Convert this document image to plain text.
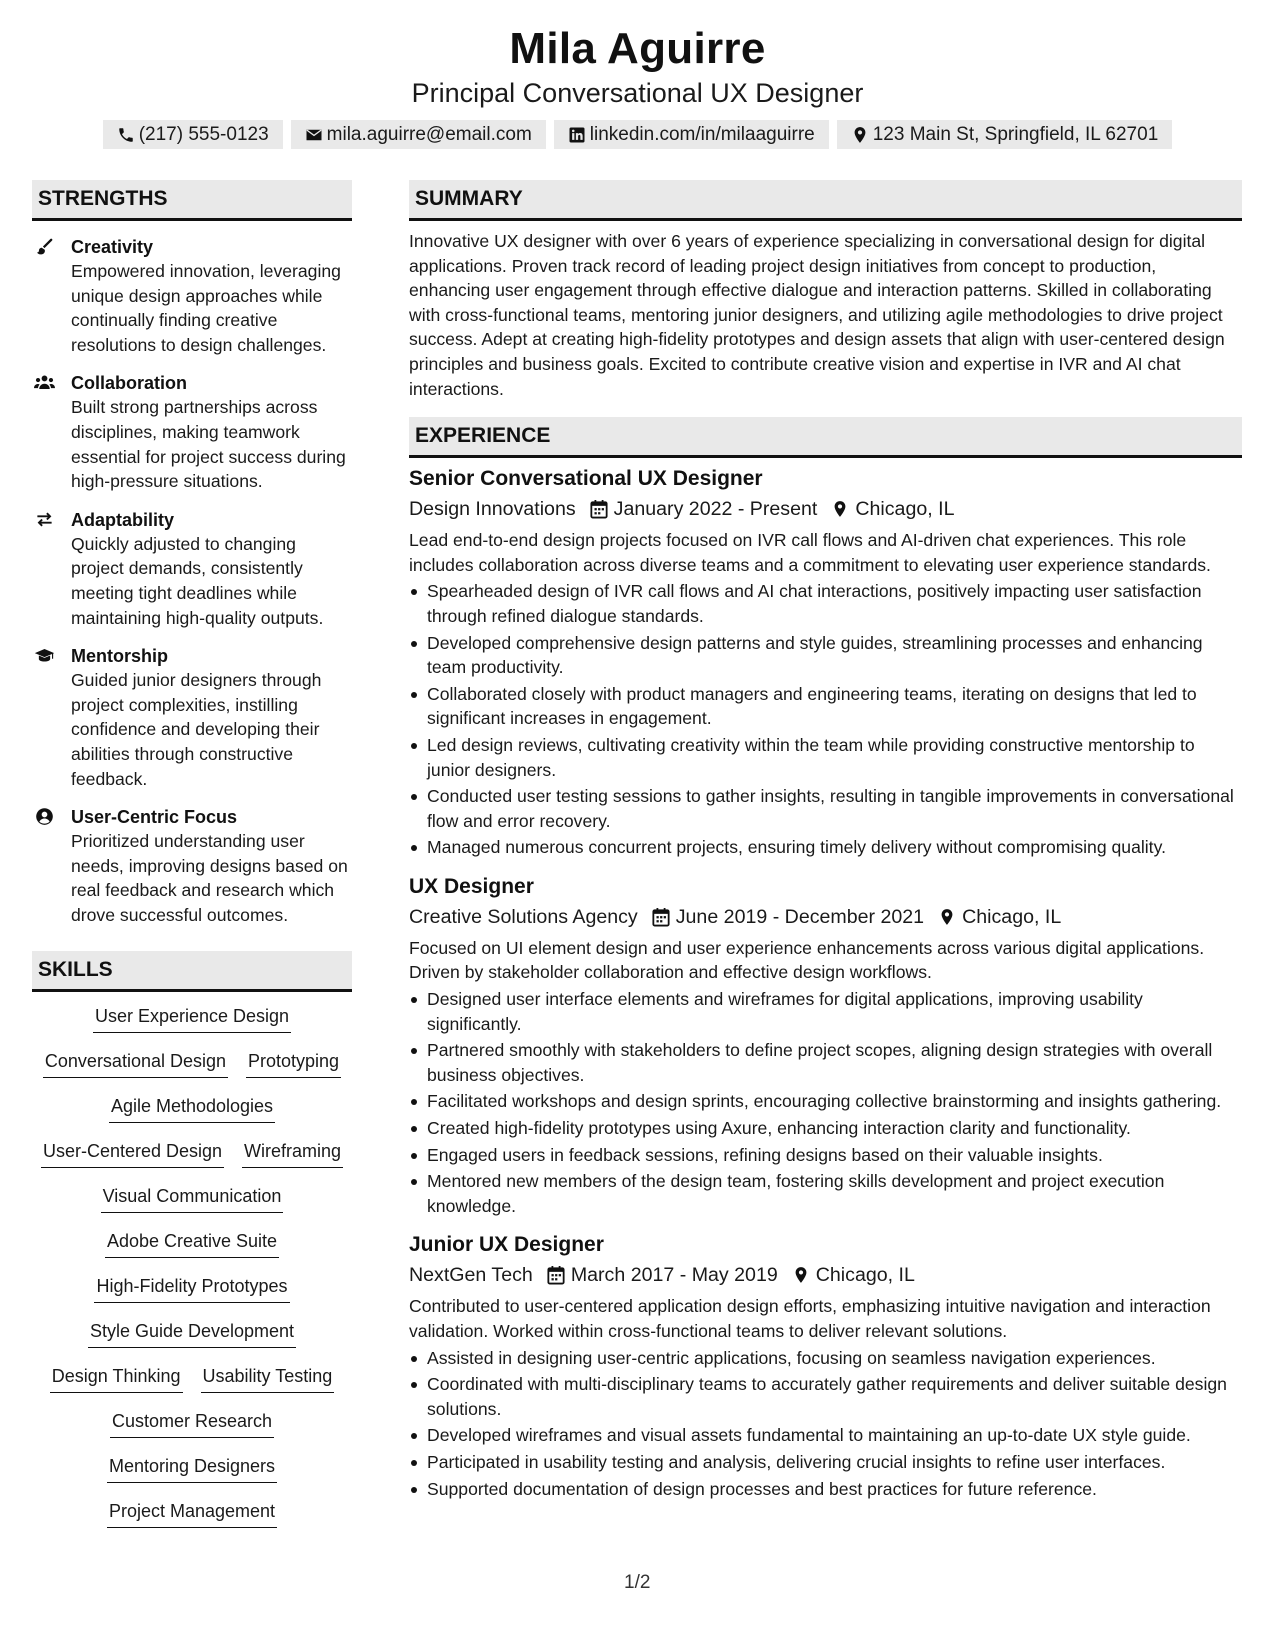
Mila Aguirre
Principal Conversational UX Designer
(217) 555-0123	mila.aguirre@email.com	linkedin.com/in/milaaguirre	123 Main St, Springfield, IL 62701
STRENGTHS
Creativity
Empowered innovation, leveraging unique design approaches while continually finding creative resolutions to design challenges.
Collaboration
Built strong partnerships across disciplines, making teamwork essential for project success during high-pressure situations.
Adaptability
Quickly adjusted to changing project demands, consistently meeting tight deadlines while maintaining high-quality outputs.
Mentorship
Guided junior designers through project complexities, instilling confidence and developing their abilities through constructive feedback.
User-Centric Focus
Prioritized understanding user needs, improving designs based on real feedback and research which drove successful outcomes.
SKILLS
User Experience Design
Conversational Design Prototyping
Agile Methodologies
User-Centered Design Wireframing
Visual Communication
Adobe Creative Suite
High-Fidelity Prototypes
Style Guide Development
Design Thinking Usability Testing
Customer Research
Mentoring Designers
Project Management
SUMMARY
Innovative UX designer with over 6 years of experience specializing in conversational design for digital applications. Proven track record of leading project design initiatives from concept to production, enhancing user engagement through effective dialogue and interaction patterns. Skilled in collaborating with cross-functional teams, mentoring junior designers, and utilizing agile methodologies to drive project success. Adept at creating high-fidelity prototypes and design assets that align with user-centered design principles and business goals. Excited to contribute creative vision and expertise in IVR and AI chat interactions.
EXPERIENCE
Senior Conversational UX Designer
Design Innovations January 2022 - Present Chicago, IL
Lead end-to-end design projects focused on IVR call flows and AI-driven chat experiences. This role includes collaboration across diverse teams and a commitment to elevating user experience standards.
Spearheaded design of IVR call flows and AI chat interactions, positively impacting user satisfaction through refined dialogue standards.
Developed comprehensive design patterns and style guides, streamlining processes and enhancing team productivity.
Collaborated closely with product managers and engineering teams, iterating on designs that led to significant increases in engagement.
Led design reviews, cultivating creativity within the team while providing constructive mentorship to junior designers.
Conducted user testing sessions to gather insights, resulting in tangible improvements in conversational flow and error recovery.
Managed numerous concurrent projects, ensuring timely delivery without compromising quality.
UX Designer
Creative Solutions Agency June 2019 - December 2021 Chicago, IL
Focused on UI element design and user experience enhancements across various digital applications. Driven by stakeholder collaboration and effective design workflows.
Designed user interface elements and wireframes for digital applications, improving usability significantly.
Partnered smoothly with stakeholders to define project scopes, aligning design strategies with overall business objectives.
Facilitated workshops and design sprints, encouraging collective brainstorming and insights gathering.
Created high-fidelity prototypes using Axure, enhancing interaction clarity and functionality.
Engaged users in feedback sessions, refining designs based on their valuable insights.
Mentored new members of the design team, fostering skills development and project execution knowledge.
Junior UX Designer
NextGen Tech March 2017 - May 2019 Chicago, IL
Contributed to user-centered application design efforts, emphasizing intuitive navigation and interaction validation. Worked within cross-functional teams to deliver relevant solutions.
Assisted in designing user-centric applications, focusing on seamless navigation experiences.
Coordinated with multi-disciplinary teams to accurately gather requirements and deliver suitable design solutions.
Developed wireframes and visual assets fundamental to maintaining an up-to-date UX style guide.
Participated in usability testing and analysis, delivering crucial insights to refine user interfaces.
Supported documentation of design processes and best practices for future reference.
1/2
